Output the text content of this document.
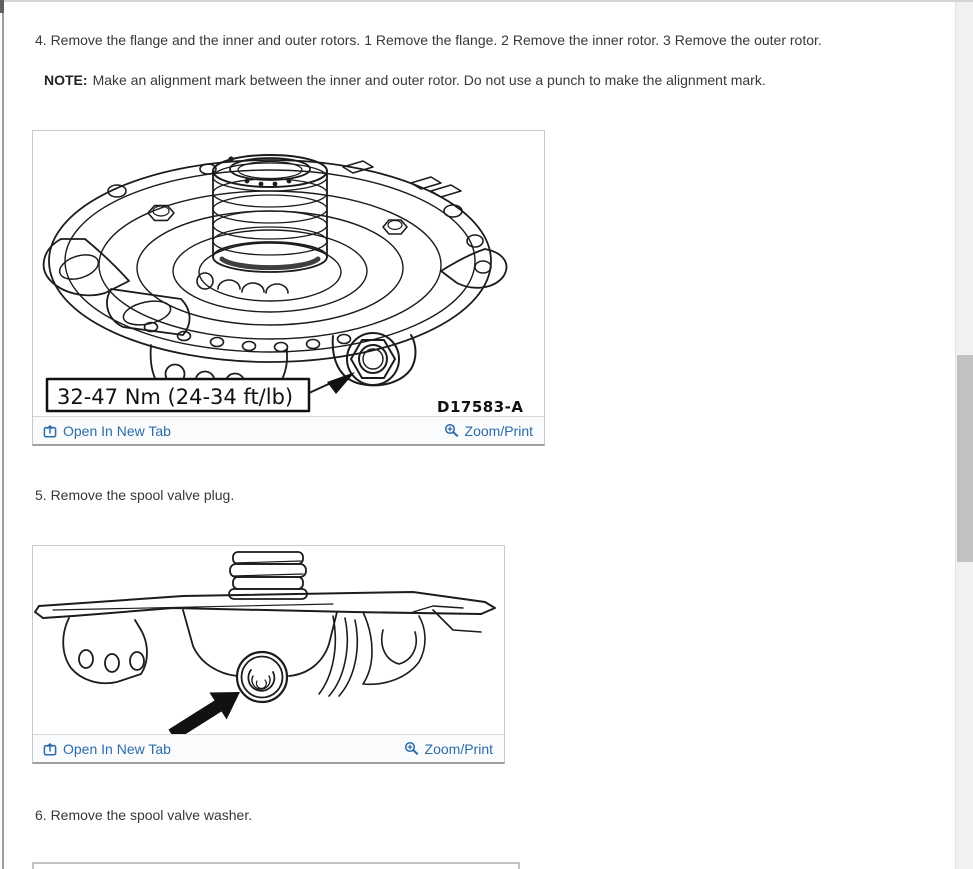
4. Remove the flange and the inner and outer rotors. 1 Remove the flange. 2 Remove the inner rotor. 3 Remove the outer rotor.
NOTE: Make an alignment mark between the inner and outer rotor. Do not use a punch to make the alignment mark.
32-47 Nm (24-34 ft/lb)	D17583-A
Open In New Tab	Zoom/Print
5. Remove the spool valve plug.
Open In New Tab	Zoom/Print
6. Remove the spool valve washer.
